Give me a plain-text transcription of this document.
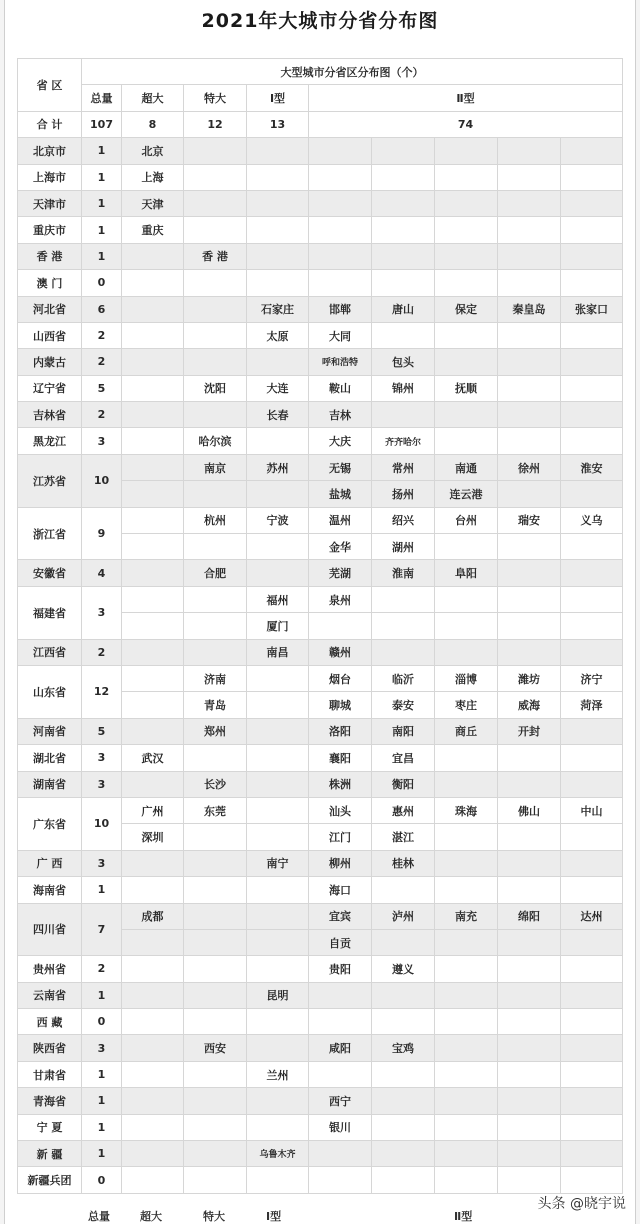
2021年大城市分省分布图
省 区	大型城市分省区分布图（个）								
	总量	超大	特大	Ⅰ型	Ⅱ型				
合 计	107	8	12	13	74				
北京市	1	北京							
上海市	1	上海							
天津市	1	天津							
重庆市	1	重庆							
香 港	1		香 港						
澳 门	0								
河北省	6			石家庄	邯郸	唐山	保定	秦皇岛	张家口
山西省	2			太原	大同				
内蒙古	2				呼和浩特	包头			
辽宁省	5		沈阳	大连	鞍山	锦州	抚顺		
吉林省	2			长春	吉林				
黑龙江	3		哈尔滨		大庆	齐齐哈尔			
江苏省	10		南京	苏州	无锡	常州	南通	徐州	淮安
					盐城	扬州	连云港		
浙江省	9		杭州	宁波	温州	绍兴	台州	瑞安	义乌
					金华	湖州			
安徽省	4		合肥		芜湖	淮南	阜阳		
福建省	3			福州	泉州				
				厦门					
江西省	2			南昌	赣州				
山东省	12		济南		烟台	临沂	淄博	潍坊	济宁
			青岛		聊城	泰安	枣庄	威海	菏泽
河南省	5		郑州		洛阳	南阳	商丘	开封	
湖北省	3	武汉			襄阳	宜昌			
湖南省	3		长沙		株洲	衡阳			
广东省	10	广州	东莞		汕头	惠州	珠海	佛山	中山
		深圳			江门	湛江			
广 西	3			南宁	柳州	桂林			
海南省	1				海口				
四川省	7	成都			宜宾	泸州	南充	绵阳	达州
					自贡				
贵州省	2				贵阳	遵义			
云南省	1			昆明					
西 藏	0								
陕西省	3		西安		咸阳	宝鸡			
甘肃省	1			兰州					
青海省	1				西宁				
宁 夏	1				银川				
新 疆	1			乌鲁木齐					
新疆兵团	0								
总量	超大	特大	Ⅰ型	Ⅱ型
头条 @晓宇说
